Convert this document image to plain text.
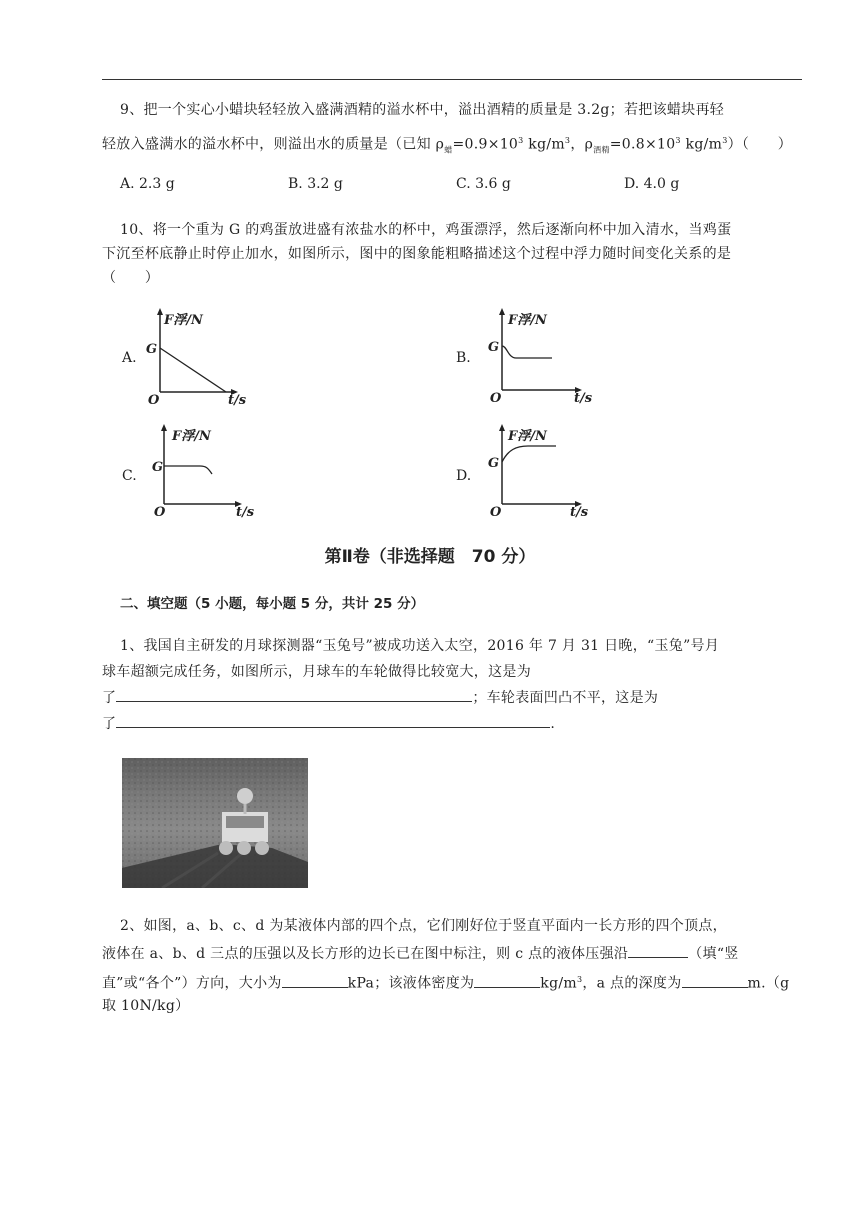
9、把一个实心小蜡块轻轻放入盛满酒精的溢水杯中，溢出酒精的质量是 3.2g；若把该蜡块再轻
轻放入盛满水的溢水杯中，则溢出水的质量是（已知 $\rho_蜡=0.9\times 10^3$ $kg/m^3$，$\rho_{酒精}=0.8\times 10^3$ $kg/m^3$）（　　）
A. 2.3 g	B. 3.2 g	C. 3.6 g	D. 4.0 g
10、将一个重为 G 的鸡蛋放进盛有浓盐水的杯中，鸡蛋漂浮，然后逐渐向杯中加入清水，当鸡蛋
下沉至杯底静止时停止加水，如图所示，图中的图象能粗略描述这个过程中浮力随时间变化关系的是
（　　）
A.	B.
C.	D.
F浮/N
G
O	t/s
F浮/N
G
O	t/s
F浮/N
G
O	t/s
F浮/N
G
O	t/s
第Ⅱ卷（非选择题　70 分）
二、填空题（5 小题，每小题 5 分，共计 25 分）
1、我国自主研发的月球探测器“玉兔号”被成功送入太空，2016 年 7 月 31 日晚，“玉兔”号月
球车超额完成任务，如图所示，月球车的车轮做得比较宽大，这是为
了	；车轮表面凹凸不平，这是为
了	.
2、如图，a、b、c、d 为某液体内部的四个点，它们刚好位于竖直平面内一长方形的四个顶点，
液体在 a、b、d 三点的压强以及长方形的边长已在图中标注，则 c 点的液体压强沿	（填“竖
直”或“各个”）方向，大小为	kPa；该液体密度为	$kg/m^3$，a 点的深度为	m.（g
取 10N/kg）
